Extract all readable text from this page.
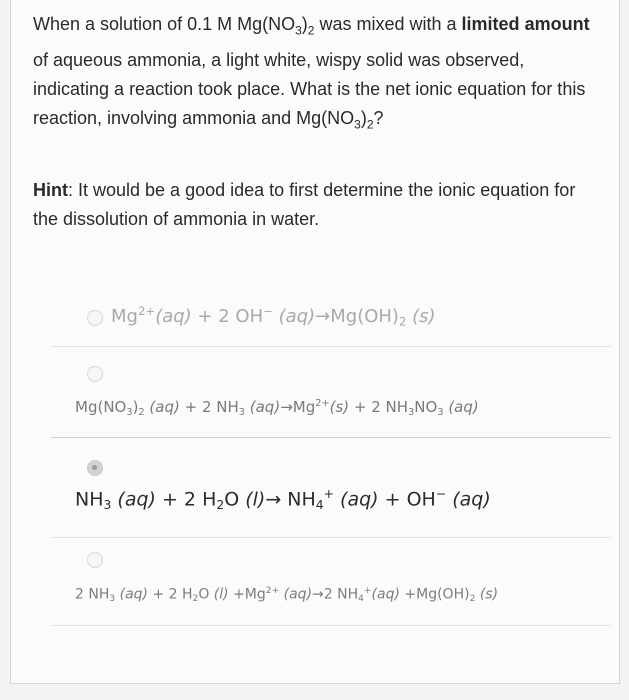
When a solution of 0.1 M $Mg(NO_3)_2$ was mixed with a limited amount of aqueous ammonia, a light white, wispy solid was observed, indicating a reaction took place. What is the net ionic equation for this reaction, involving ammonia and $Mg(NO_3)_2$?
Hint: It would be a good idea to first determine the ionic equation for the dissolution of ammonia in water.
$Mg^{2+}(aq) + 2$ OH− $(aq)\to Mg(OH)_2$ (s)
$Mg(NO_3)_2$ (aq) + 2 $NH_3$ $(aq)\to Mg^{2+}(s) + 2$ $NH_3NO_3$ (aq)
$NH_3$ (aq) + 2 $H_2O$ $(l)\to NH_4^+$ (aq) + OH− (aq)
2 $NH_3$ (aq) + 2 $H_2O$ $(l) +Mg^{2+}$ (aq)→2 $NH_4^+(aq) +Mg(OH)_2$ (s)
